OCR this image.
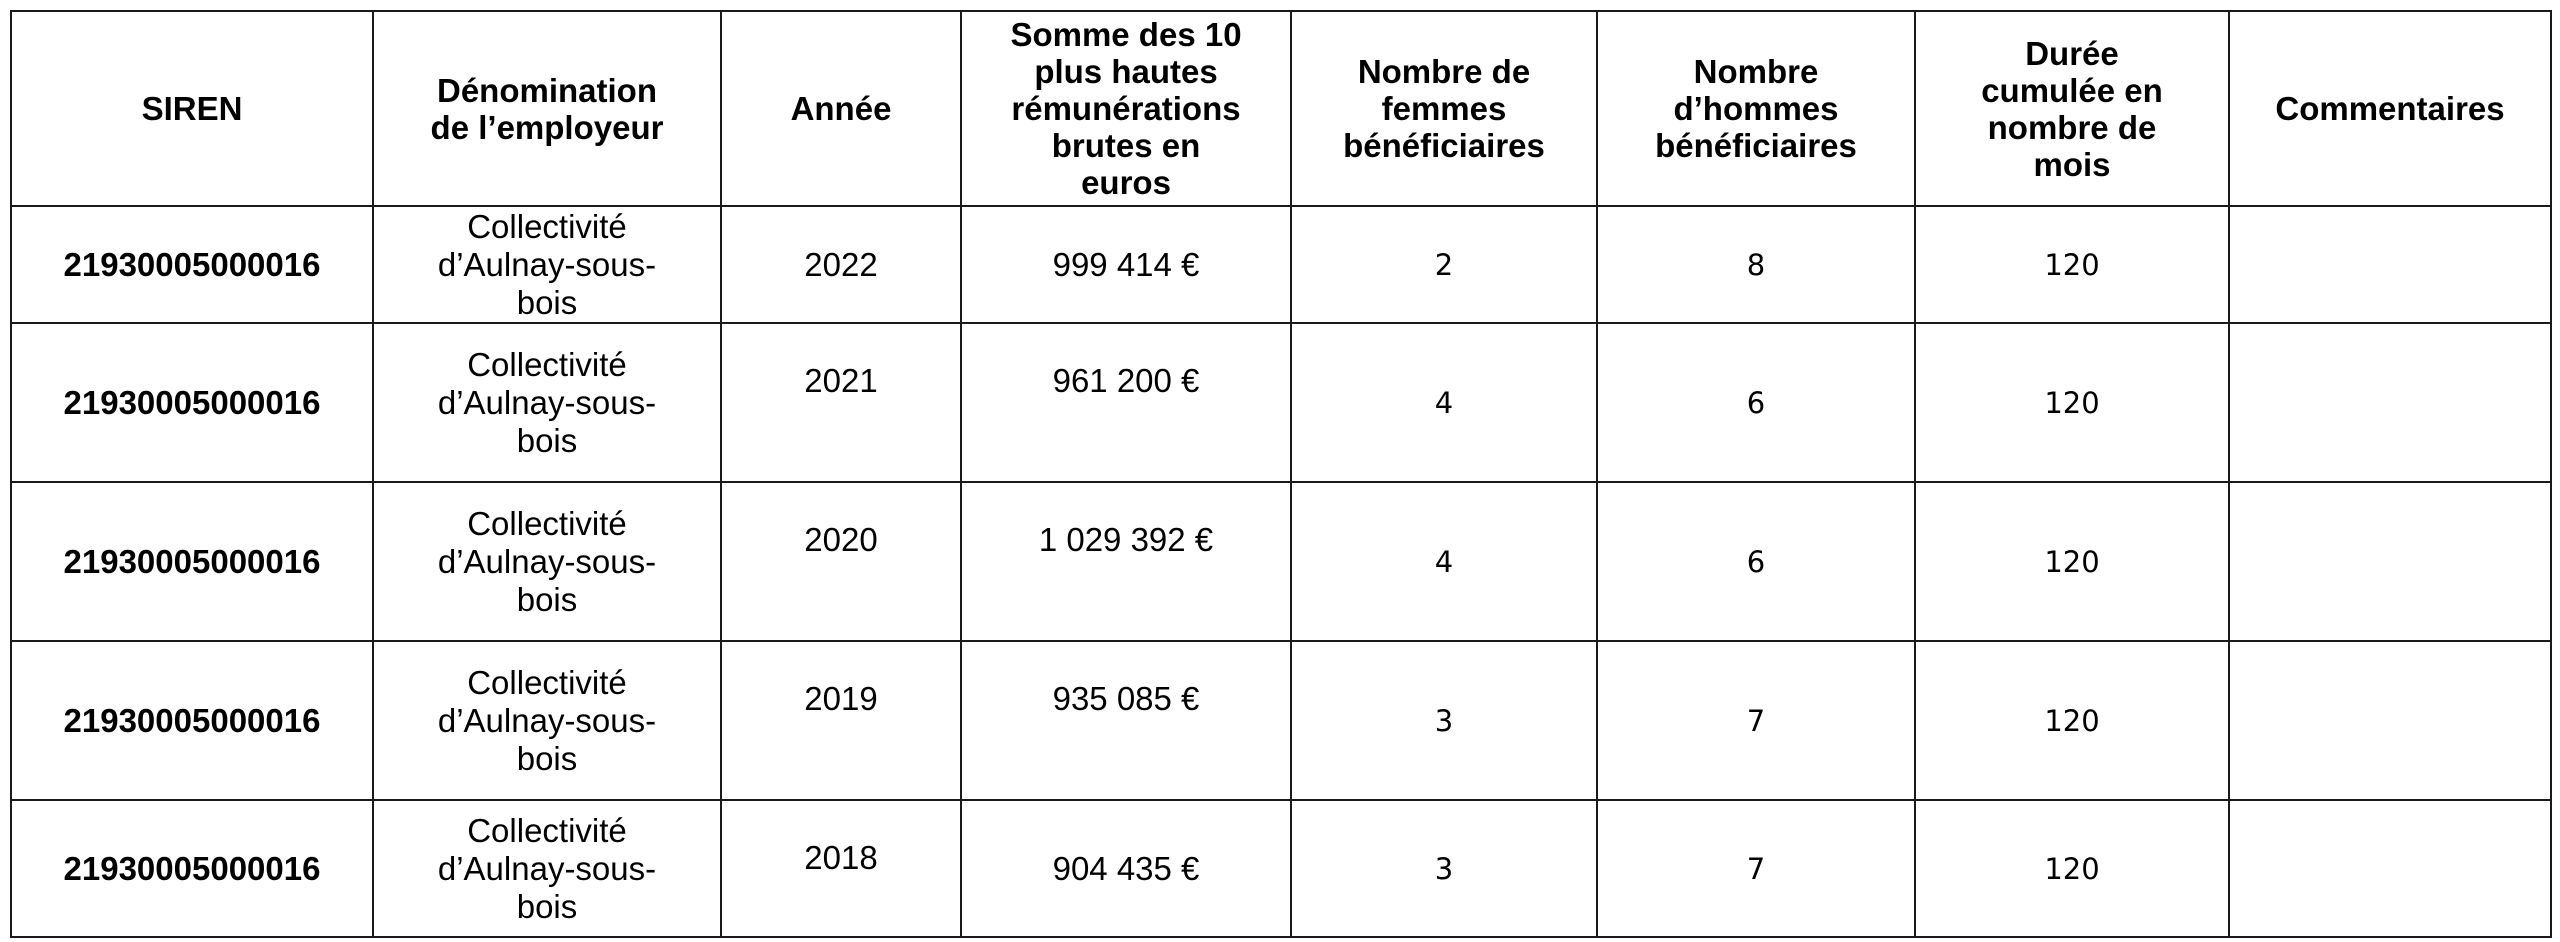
SIREN	Dénomination
de l’employeur	Année	Somme des 10
plus hautes
rémunérations
brutes en
euros	Nombre de
femmes
bénéficiaires	Nombre
d’hommes
bénéficiaires	Durée
cumulée en
nombre de
mois	Commentaires

21930005000016	Collectivité
d’Aulnay-sous-
bois	2022	999 414 €	2	8	120	
21930005000016	Collectivité
d’Aulnay-sous-
bois	2021	961 200 €	4	6	120	
21930005000016	Collectivité
d’Aulnay-sous-
bois	2020	1 029 392 €	4	6	120	
21930005000016	Collectivité
d’Aulnay-sous-
bois	2019	935 085 €	3	7	120	
21930005000016	Collectivité
d’Aulnay-sous-
bois	2018	904 435 €	3	7	120	
